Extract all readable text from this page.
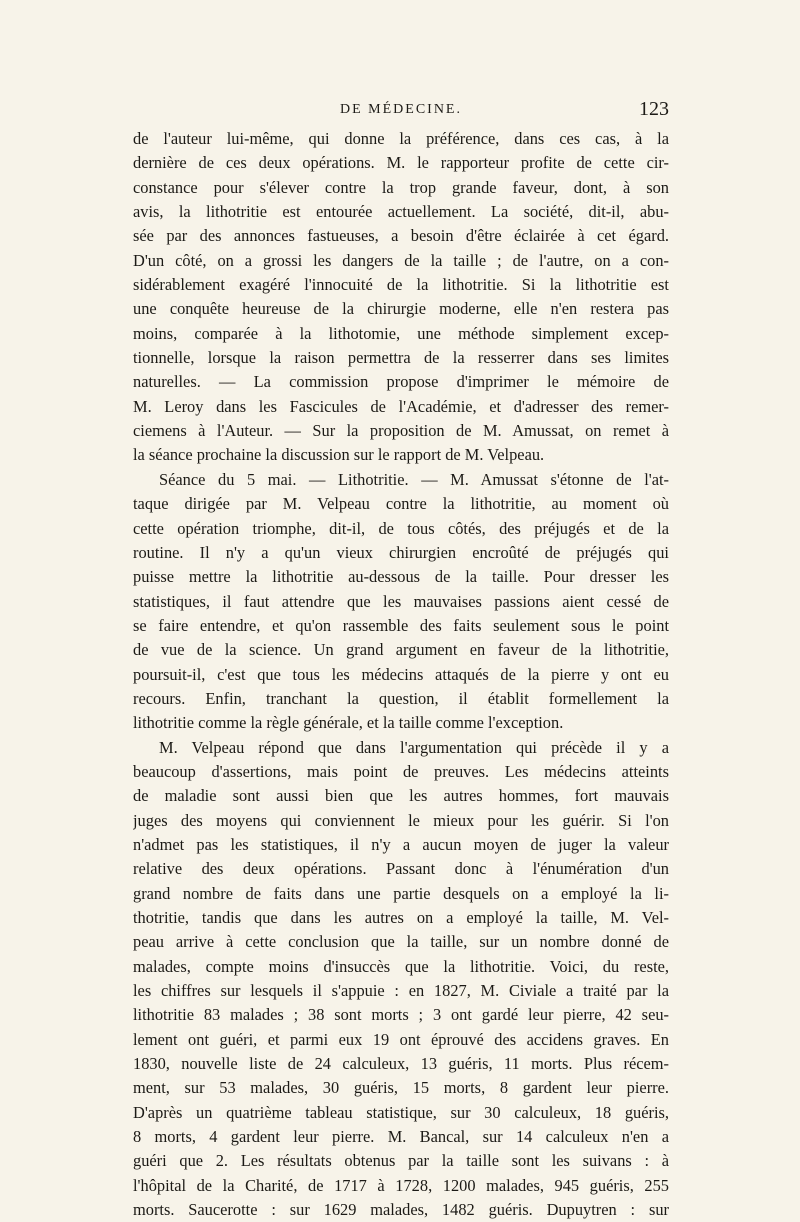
DE MÉDECINE.	123
de l'auteur lui-même, qui donne la préférence, dans ces cas, à la
dernière de ces deux opérations. M. le rapporteur profite de cette cir-
constance pour s'élever contre la trop grande faveur, dont, à son
avis, la lithotritie est entourée actuellement. La société, dit-il, abu-
sée par des annonces fastueuses, a besoin d'être éclairée à cet égard.
D'un côté, on a grossi les dangers de la taille ; de l'autre, on a con-
sidérablement exagéré l'innocuité de la lithotritie. Si la lithotritie est
une conquête heureuse de la chirurgie moderne, elle n'en restera pas
moins, comparée à la lithotomie, une méthode simplement excep-
tionnelle, lorsque la raison permettra de la resserrer dans ses limites
naturelles. — La commission propose d'imprimer le mémoire de
M. Leroy dans les Fascicules de l'Académie, et d'adresser des remer-
ciemens à l'Auteur. — Sur la proposition de M. Amussat, on remet à
la séance prochaine la discussion sur le rapport de M. Velpeau.
Séance du 5 mai. — Lithotritie. — M. Amussat s'étonne de l'at-
taque dirigée par M. Velpeau contre la lithotritie, au moment où
cette opération triomphe, dit-il, de tous côtés, des préjugés et de la
routine. Il n'y a qu'un vieux chirurgien encroûté de préjugés qui
puisse mettre la lithotritie au-dessous de la taille. Pour dresser les
statistiques, il faut attendre que les mauvaises passions aient cessé de
se faire entendre, et qu'on rassemble des faits seulement sous le point
de vue de la science. Un grand argument en faveur de la lithotritie,
poursuit-il, c'est que tous les médecins attaqués de la pierre y ont eu
recours. Enfin, tranchant la question, il établit formellement la
lithotritie comme la règle générale, et la taille comme l'exception.
M. Velpeau répond que dans l'argumentation qui précède il y a
beaucoup d'assertions, mais point de preuves. Les médecins atteints
de maladie sont aussi bien que les autres hommes, fort mauvais
juges des moyens qui conviennent le mieux pour les guérir. Si l'on
n'admet pas les statistiques, il n'y a aucun moyen de juger la valeur
relative des deux opérations. Passant donc à l'énumération d'un
grand nombre de faits dans une partie desquels on a employé la li-
thotritie, tandis que dans les autres on a employé la taille, M. Vel-
peau arrive à cette conclusion que la taille, sur un nombre donné de
malades, compte moins d'insuccès que la lithotritie. Voici, du reste,
les chiffres sur lesquels il s'appuie : en 1827, M. Civiale a traité par la
lithotritie 83 malades ; 38 sont morts ; 3 ont gardé leur pierre, 42 seu-
lement ont guéri, et parmi eux 19 ont éprouvé des accidens graves. En
1830, nouvelle liste de 24 calculeux, 13 guéris, 11 morts. Plus récem-
ment, sur 53 malades, 30 guéris, 15 morts, 8 gardent leur pierre.
D'après un quatrième tableau statistique, sur 30 calculeux, 18 guéris,
8 morts, 4 gardent leur pierre. M. Bancal, sur 14 calculeux n'en a
guéri que 2. Les résultats obtenus par la taille sont les suivans : à
l'hôpital de la Charité, de 1717 à 1728, 1200 malades, 945 guéris, 255
morts. Saucerotte : sur 1629 malades, 1482 guéris. Dupuytren : sur
